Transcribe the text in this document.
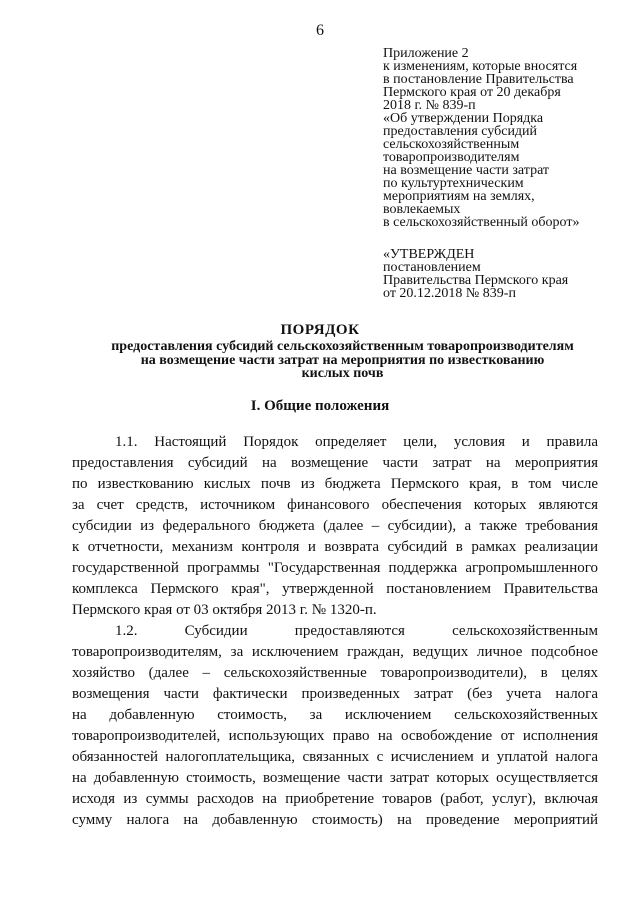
6
Приложение 2
к изменениям, которые вносятся
в постановление Правительства
Пермского края от 20 декабря
2018 г. № 839-п
«Об утверждении Порядка
предоставления субсидий
сельскохозяйственным
товаропроизводителям
на возмещение части затрат
по культуртехническим
мероприятиям на землях,
вовлекаемых
в сельскохозяйственный оборот»
«УТВЕРЖДЕН
постановлением
Правительства Пермского края
от 20.12.2018 № 839-п
ПОРЯДОК
предоставления субсидий сельскохозяйственным товаропроизводителям
на возмещение части затрат на мероприятия по известкованию
кислых почв
I. Общие положения
1.1. Настоящий Порядок определяет цели, условия и правила
предоставления субсидий на возмещение части затрат на мероприятия
по известкованию кислых почв из бюджета Пермского края, в том числе
за счет средств, источником финансового обеспечения которых являются
субсидии из федерального бюджета (далее – субсидии), а также требования
к отчетности, механизм контроля и возврата субсидий в рамках реализации
государственной программы "Государственная поддержка агропромышленного
комплекса Пермского края", утвержденной постановлением Правительства
Пермского края от 03 октября 2013 г. № 1320-п.
1.2. Субсидии предоставляются сельскохозяйственным
товаропроизводителям, за исключением граждан, ведущих личное подсобное
хозяйство (далее – сельскохозяйственные товаропроизводители), в целях
возмещения части фактически произведенных затрат (без учета налога
на добавленную стоимость, за исключением сельскохозяйственных
товаропроизводителей, использующих право на освобождение от исполнения
обязанностей налогоплательщика, связанных с исчислением и уплатой налога
на добавленную стоимость, возмещение части затрат которых осуществляется
исходя из суммы расходов на приобретение товаров (работ, услуг), включая
сумму налога на добавленную стоимость) на проведение мероприятий
